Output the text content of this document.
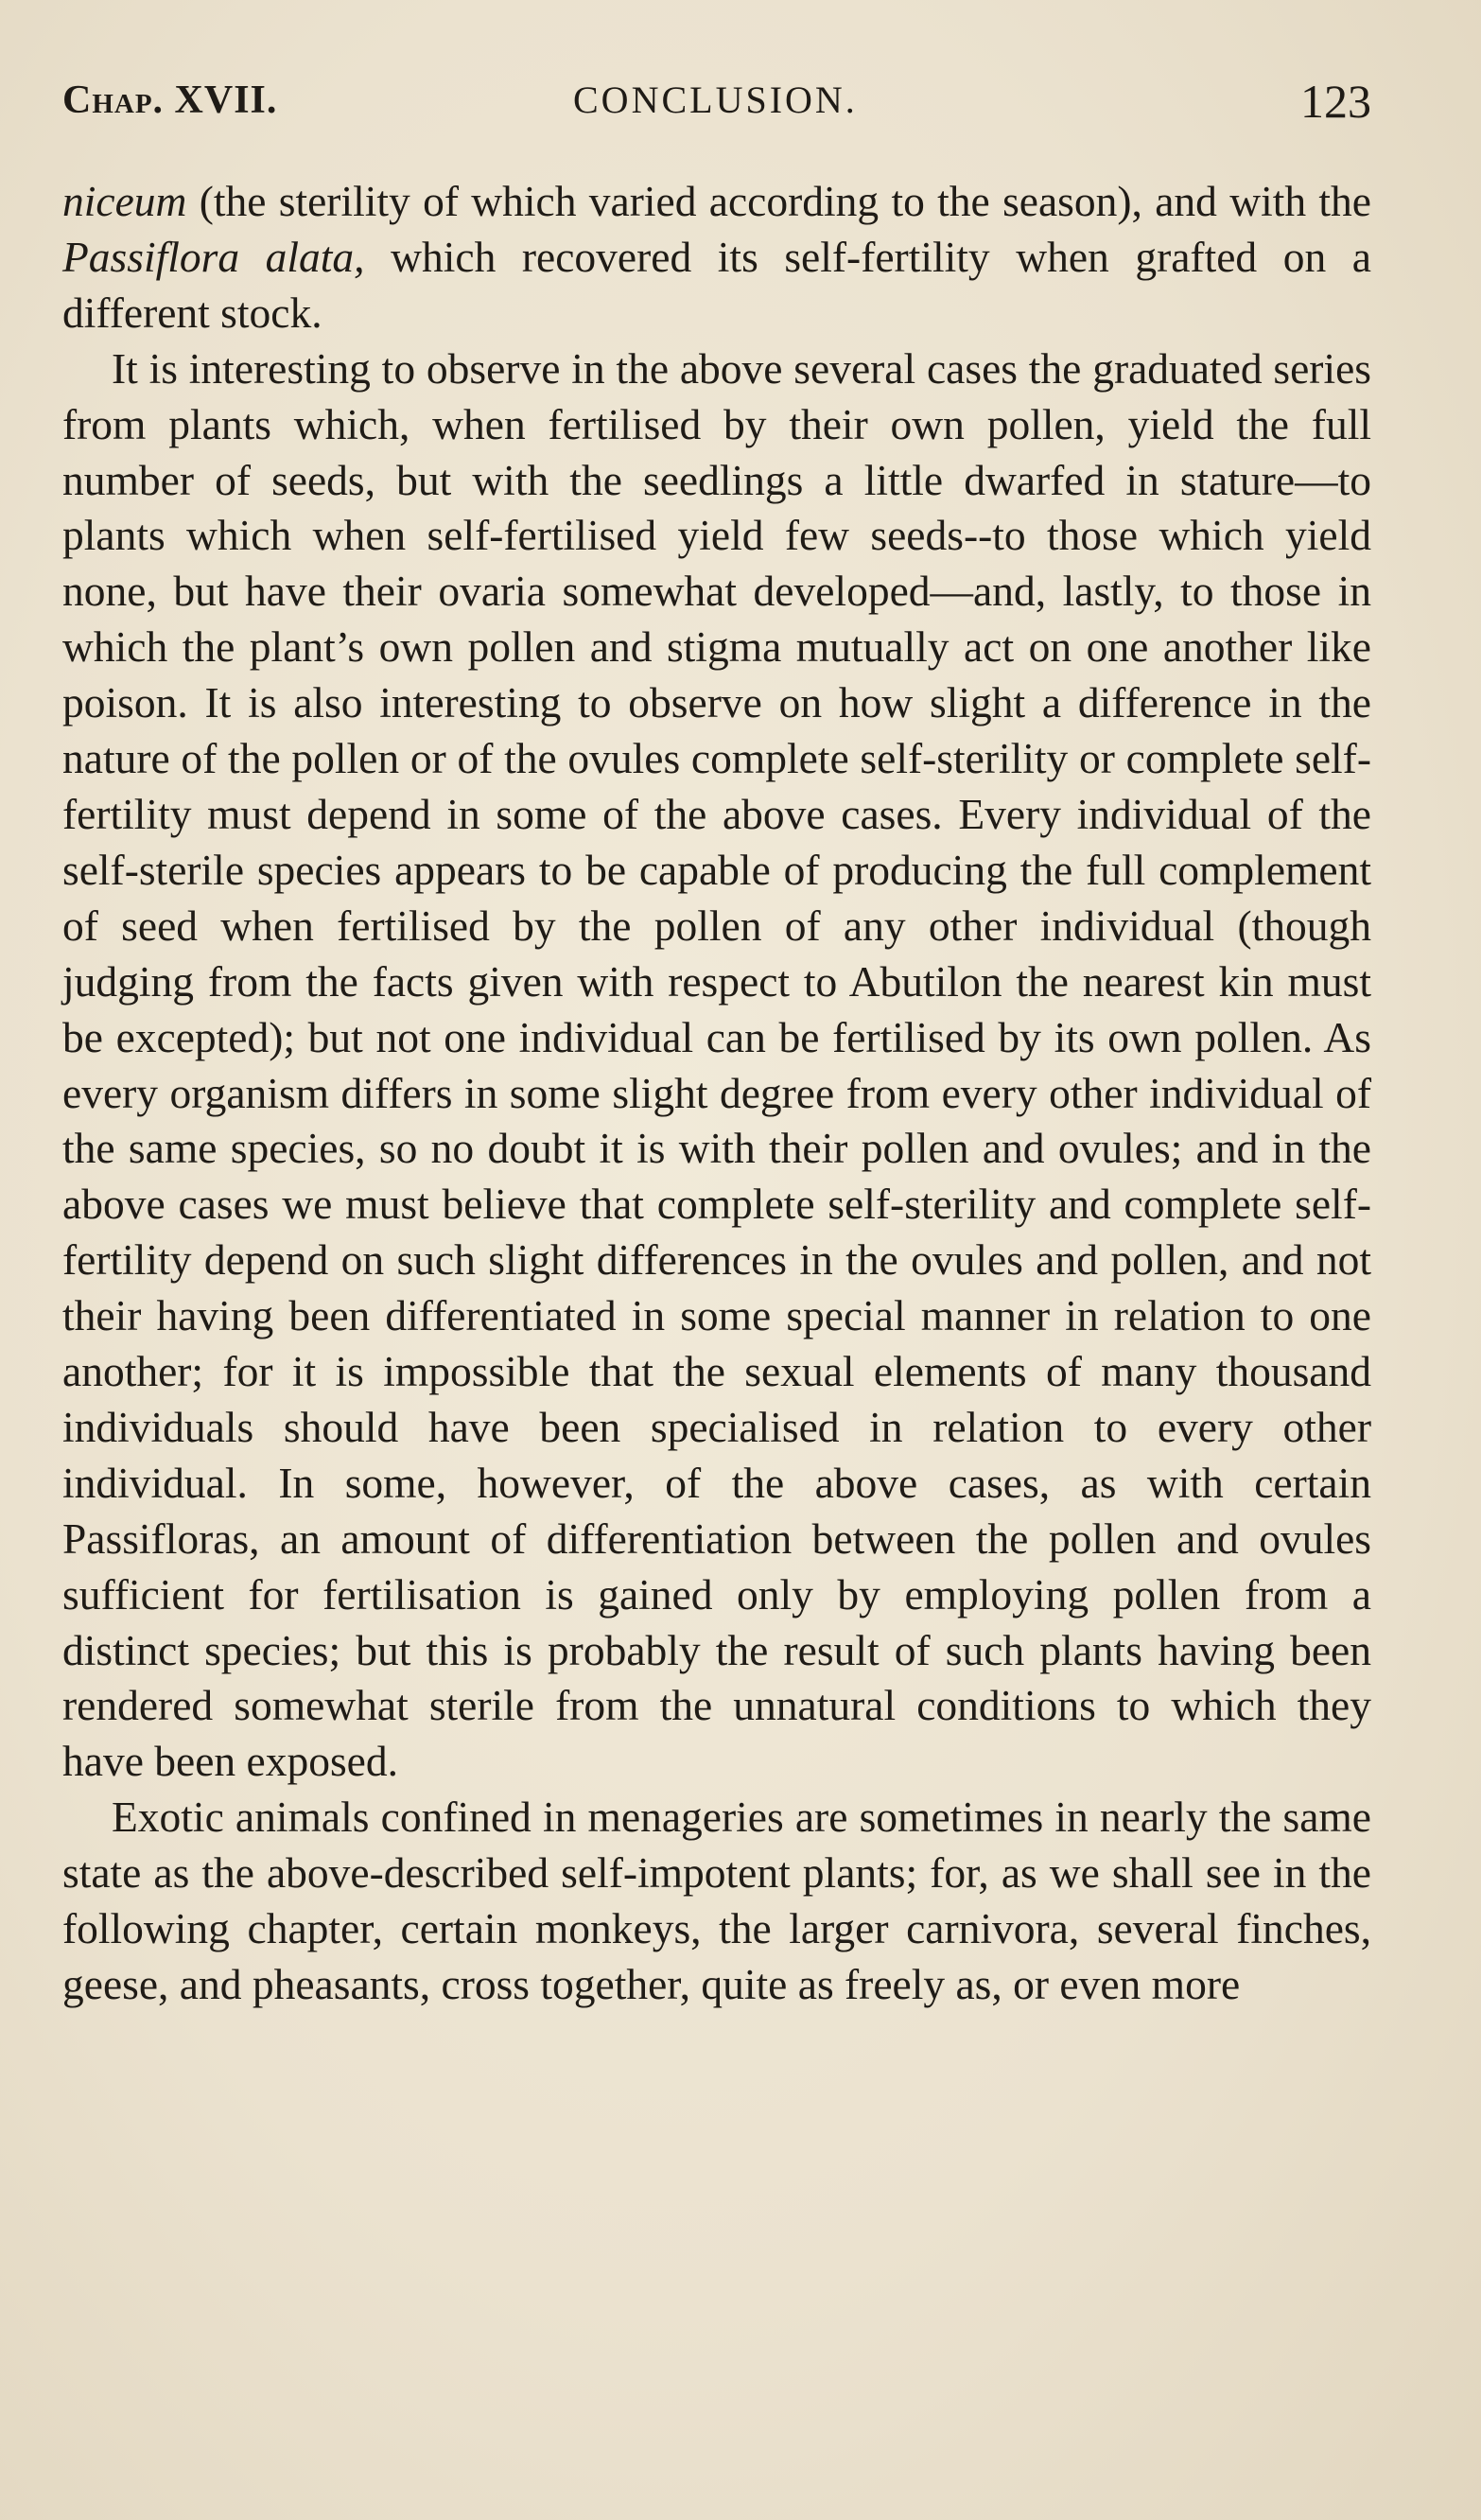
Chap. XVII.	CONCLUSION.	123

niceum (the sterility of which varied according to the season), and with the Passiflora alata, which recovered its self-fertility when grafted on a different stock.

It is interesting to observe in the above several cases the graduated series from plants which, when fertilised by their own pollen, yield the full number of seeds, but with the seedlings a little dwarfed in stature—to plants which when self-fertilised yield few seeds--to those which yield none, but have their ovaria somewhat developed—and, lastly, to those in which the plant’s own pollen and stigma mutually act on one another like poison. It is also interesting to observe on how slight a difference in the nature of the pollen or of the ovules complete self-sterility or complete self-fertility must depend in some of the above cases. Every individual of the self-sterile species appears to be capable of producing the full complement of seed when fertilised by the pollen of any other individual (though judging from the facts given with respect to Abutilon the nearest kin must be excepted); but not one individual can be fertilised by its own pollen. As every organism differs in some slight degree from every other individual of the same species, so no doubt it is with their pollen and ovules; and in the above cases we must believe that complete self-sterility and complete self-fertility depend on such slight differences in the ovules and pollen, and not their having been differentiated in some special manner in relation to one another; for it is impossible that the sexual elements of many thousand individuals should have been specialised in relation to every other individual. In some, however, of the above cases, as with certain Passifloras, an amount of differentiation between the pollen and ovules sufficient for fertilisation is gained only by employing pollen from a distinct species; but this is probably the result of such plants having been rendered somewhat sterile from the unnatural conditions to which they have been exposed.

Exotic animals confined in menageries are sometimes in nearly the same state as the above-described self-impotent plants; for, as we shall see in the following chapter, certain monkeys, the larger carnivora, several finches, geese, and pheasants, cross together, quite as freely as, or even more
